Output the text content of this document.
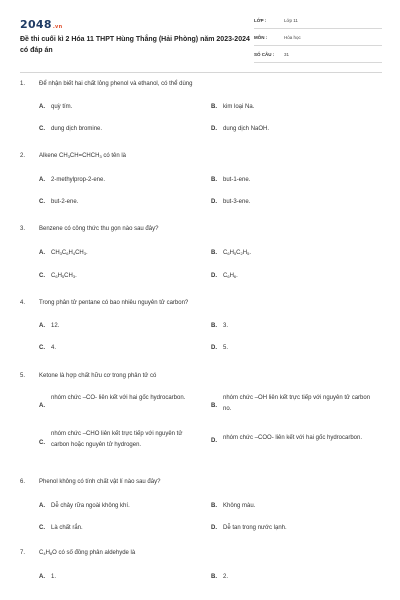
2048.vn
Đề thi cuối kì 2 Hóa 11 THPT Hùng Thắng (Hải Phòng) năm 2023-2024 có đáp án
LỚP :	Lớp 11
MÔN :	Hóa học
SỐ CÂU : 31
1. Để nhận biết hai chất lỏng phenol và ethanol, có thể dùng
A. quỳ tím.	B. kim loại Na.
C. dung dịch bromine.	D. dung dịch NaOH.
2. Alkene $CH_3CH=CHCH_3$ có tên là
A. 2-methylprop-2-ene.	B. but-1-ene.
C. but-2-ene.	D. but-3-ene.
3. Benzene có công thức thu gọn nào sau đây?
A. $CH_3C_6H_4CH_3$.	B. $C_6H_5C_2H_5$.
C. $C_6H_5CH_3$.	D. $C_6H_6$.
4. Trong phân tử pentane có bao nhiêu nguyên tử carbon?
A. 12.	B. 3.
C. 4.	D. 5.
5. Ketone là hợp chất hữu cơ trong phân tử có
A.
nhóm chức –CO- liên kết với hai gốc hydrocarbon.
B.
nhóm chức –OH liên kết trực tiếp với nguyên tử carbon no.
C.
nhóm chức –CHO liên kết trực tiếp với nguyên tử carbon hoặc nguyên tử hydrogen.
D. nhóm chức –COO- liên kết với hai gốc hydrocarbon.
6. Phenol không có tính chất vật lí nào sau đây?
A. Dễ chảy rữa ngoài không khí.	B. Không màu.
C. Là chất rắn.	D. Dễ tan trong nước lạnh.
7. $C_4H_8O$ có số đồng phân aldehyde là
A. 1.	B. 2.
